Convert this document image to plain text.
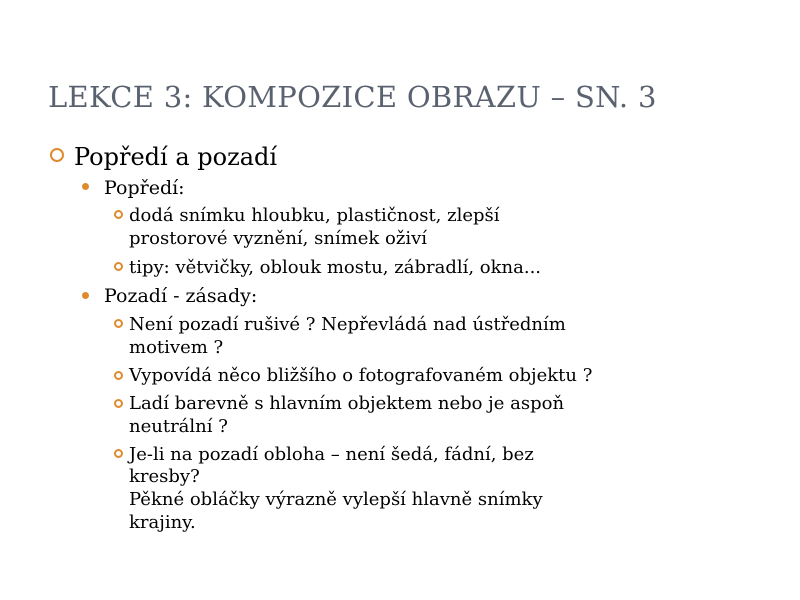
LEKCE 3: KOMPOZICE OBRAZU – SN. 3
Popředí a pozadí
Popředí:
dodá snímku hloubku, plastičnost, zlepší
prostorové vyznění, snímek oživí
tipy: větvičky, oblouk mostu, zábradlí, okna...
Pozadí - zásady:
Není pozadí rušivé ? Nepřevládá nad ústředním
motivem ?
Vypovídá něco bližšího o fotografovaném objektu ?
Ladí barevně s hlavním objektem nebo je aspoň
neutrální ?
Je-li na pozadí obloha – není šedá, fádní, bez
kresby?
Pěkné obláčky výrazně vylepší hlavně snímky
krajiny.
